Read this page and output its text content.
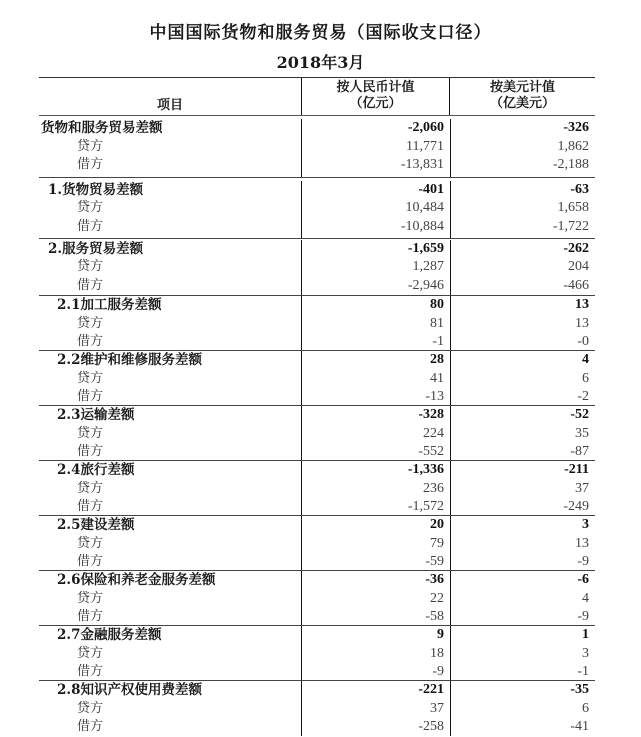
中国国际货物和服务贸易（国际收支口径）
2018年3月
项目
按人民币计值
（亿元）
按美元计值
（亿美元）
货物和服务贸易差额
贷方
借方
-2,060
11,771
-13,831
-326
1,862
-2,188
1.货物贸易差额
贷方
借方
-401
10,484
-10,884
-63
1,658
-1,722
2.服务贸易差额
贷方
借方
-1,659
1,287
-2,946
-262
204
-466
2.1加工服务差额
贷方
借方
80
81
-1
13
13
-0
2.2维护和维修服务差额
贷方
借方
28
41
-13
4
6
-2
2.3运输差额
贷方
借方
-328
224
-552
-52
35
-87
2.4旅行差额
贷方
借方
-1,336
236
-1,572
-211
37
-249
2.5建设差额
贷方
借方
20
79
-59
3
13
-9
2.6保险和养老金服务差额
贷方
借方
-36
22
-58
-6
4
-9
2.7金融服务差额
贷方
借方
9
18
-9
1
3
-1
2.8知识产权使用费差额
贷方
借方
-221
37
-258
-35
6
-41
